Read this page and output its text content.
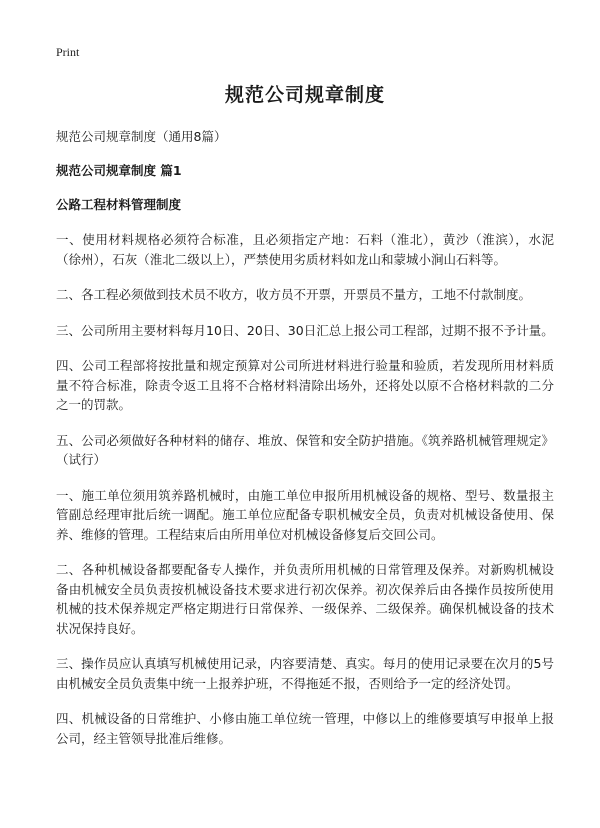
Print
规范公司规章制度
规范公司规章制度（通用8篇）
规范公司规章制度 篇1
公路工程材料管理制度

一、使用材料规格必须符合标准，且必须指定产地：石料（淮北），黄沙（淮滨），水泥（徐州），石灰（淮北二级以上），严禁使用劣质材料如龙山和蒙城小涧山石料等。

二、各工程必须做到技术员不收方，收方员不开票，开票员不量方，工地不付款制度。

三、公司所用主要材料每月10日、20日、30日汇总上报公司工程部，过期不报不予计量。

四、公司工程部将按批量和规定预算对公司所进材料进行验量和验质，若发现所用材料质量不符合标准，除责令返工且将不合格材料清除出场外，还将处以原不合格材料款的二分之一的罚款。

五、公司必须做好各种材料的储存、堆放、保管和安全防护措施。《筑养路机械管理规定》（试行）

一、施工单位须用筑养路机械时，由施工单位申报所用机械设备的规格、型号、数量报主管副总经理审批后统一调配。施工单位应配备专职机械安全员，负责对机械设备使用、保养、维修的管理。工程结束后由所用单位对机械设备修复后交回公司。

二、各种机械设备都要配备专人操作，并负责所用机械的日常管理及保养。对新购机械设备由机械安全员负责按机械设备技术要求进行初次保养。初次保养后由各操作员按所使用机械的技术保养规定严格定期进行日常保养、一级保养、二级保养。确保机械设备的技术状况保持良好。

三、操作员应认真填写机械使用记录，内容要清楚、真实。每月的使用记录要在次月的5号由机械安全员负责集中统一上报养护班，不得拖延不报，否则给予一定的经济处罚。

四、机械设备的日常维护、小修由施工单位统一管理，中修以上的维修要填写申报单上报公司，经主管领导批准后维修。
